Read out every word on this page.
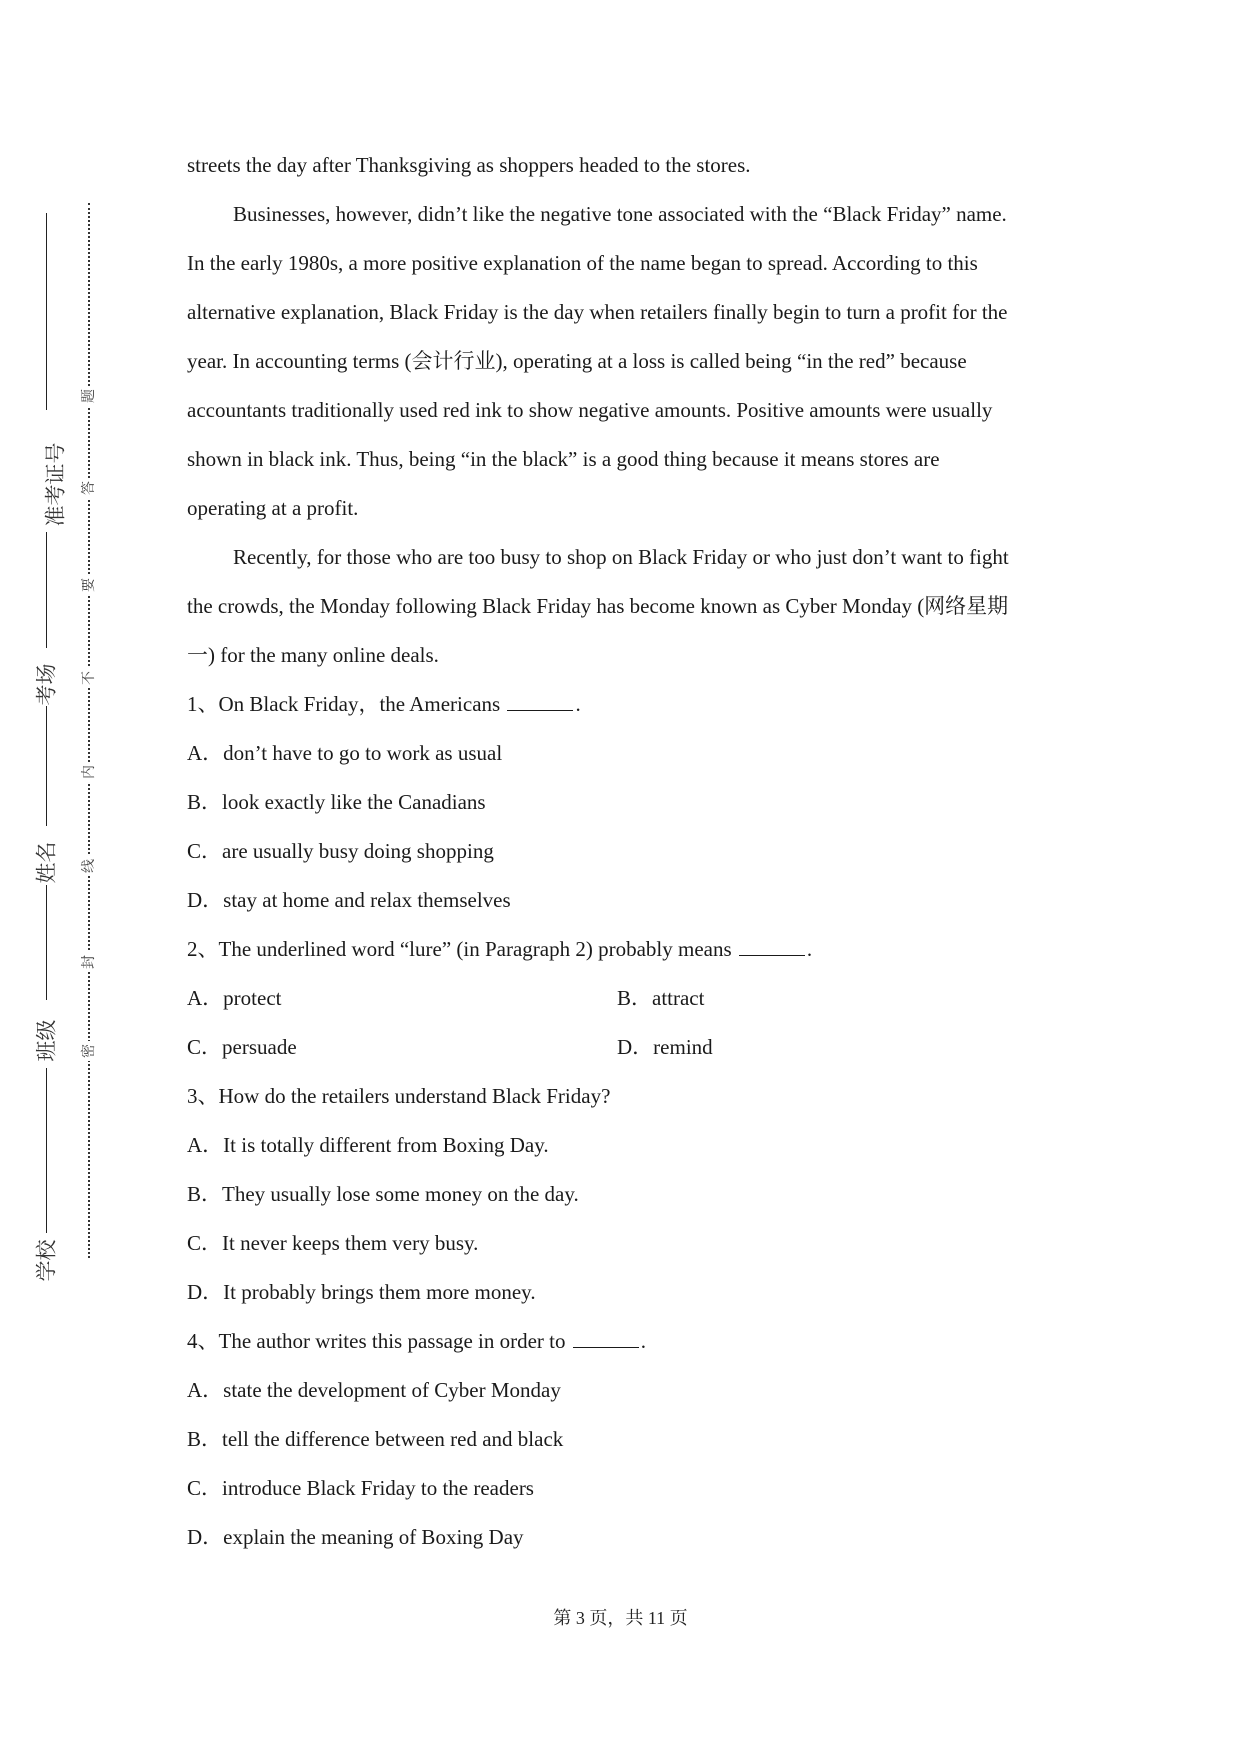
准考证号
考场
姓名
班级
学校
题
答
要
不
内
线
封
密

streets the day after Thanksgiving as shoppers headed to the stores.

Businesses, however, didn’t like the negative tone associated with the “Black Friday” name.

In the early 1980s, a more positive explanation of the name began to spread. According to this

alternative explanation, Black Friday is the day when retailers finally begin to turn a profit for the

year. In accounting terms (会计行业), operating at a loss is called being “in the red” because

accountants traditionally used red ink to show negative amounts. Positive amounts were usually

shown in black ink. Thus, being “in the black” is a good thing because it means stores are

operating at a profit.

Recently, for those who are too busy to shop on Black Friday or who just don’t want to fight

the crowds, the Monday following Black Friday has become known as Cyber Monday (网络星期

一) for the many online deals.

1、On Black Friday，the Americans	.

A．don’t have to go to work as usual

B．look exactly like the Canadians

C．are usually busy doing shopping

D．stay at home and relax themselves

2、The underlined word “lure” (in Paragraph 2) probably means	.

A．protect	B．attract
C．persuade	D．remind

3、How do the retailers understand Black Friday?

A．It is totally different from Boxing Day.

B．They usually lose some money on the day.

C．It never keeps them very busy.

D．It probably brings them more money.

4、The author writes this passage in order to	.

A．state the development of Cyber Monday

B．tell the difference between red and black

C．introduce Black Friday to the readers

D．explain the meaning of Boxing Day

第 3 页，共 11 页
